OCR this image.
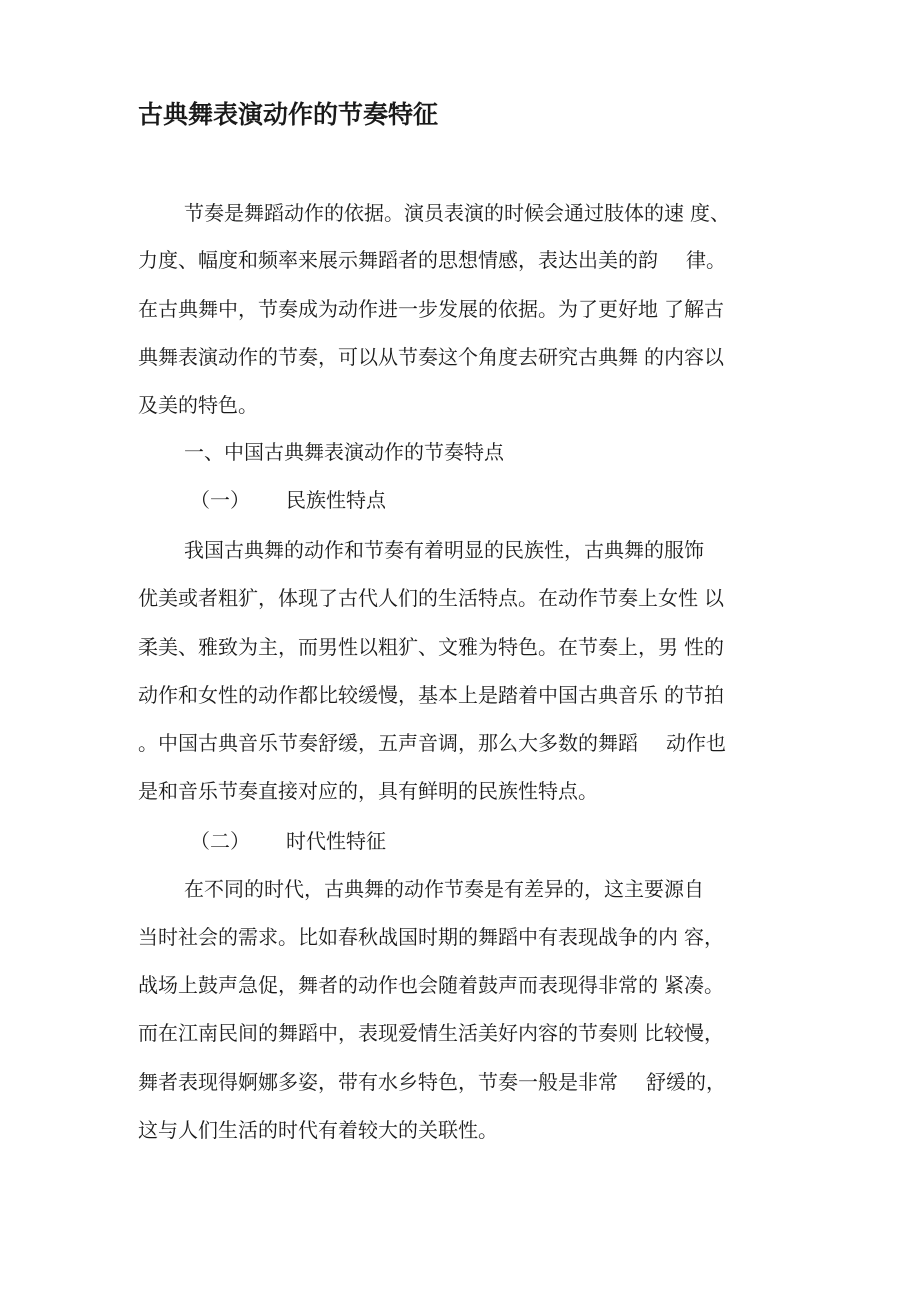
古典舞表演动作的节奏特征
节奏是舞蹈动作的依据。演员表演的时候会通过肢体的速 度、
力度、幅度和频率来展示舞蹈者的思想情感，表达出美的韵 律。
在古典舞中，节奏成为动作进一步发展的依据。为了更好地 了解古
典舞表演动作的节奏，可以从节奏这个角度去研究古典舞 的内容以
及美的特色。
一、中国古典舞表演动作的节奏特点
（一） 民族性特点
我国古典舞的动作和节奏有着明显的民族性，古典舞的服饰
优美或者粗犷，体现了古代人们的生活特点。在动作节奏上女性 以
柔美、雅致为主，而男性以粗犷、文雅为特色。在节奏上，男 性的
动作和女性的动作都比较缓慢，基本上是踏着中国古典音乐 的节拍
。中国古典音乐节奏舒缓，五声音调，那么大多数的舞蹈 动作也
是和音乐节奏直接对应的，具有鲜明的民族性特点。
（二） 时代性特征
在不同的时代，古典舞的动作节奏是有差异的，这主要源自
当时社会的需求。比如春秋战国时期的舞蹈中有表现战争的内 容，
战场上鼓声急促，舞者的动作也会随着鼓声而表现得非常的 紧凑。
而在江南民间的舞蹈中，表现爱情生活美好内容的节奏则 比较慢，
舞者表现得婀娜多姿，带有水乡特色，节奏一般是非常 舒缓的，
这与人们生活的时代有着较大的关联性。
